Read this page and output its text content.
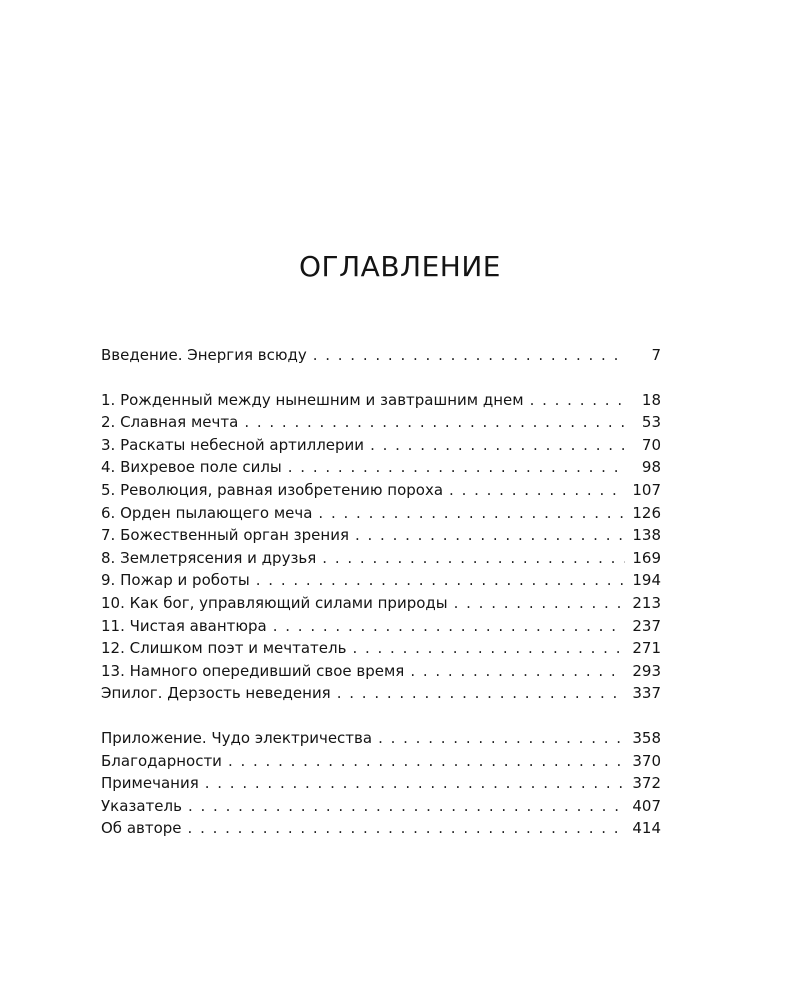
ОГЛАВЛЕНИЕ
Введение. Энергия всюду . . .	7
1. Рожденный между нынешним и завтрашним днем . . .	18
2. Славная мечта . . .	53
3. Раскаты небесной артиллерии . . .	70
4. Вихревое поле силы . . .	98
5. Революция, равная изобретению пороха . . .	107
6. Орден пылающего меча . . .	126
7. Божественный орган зрения . . .	138
8. Землетрясения и друзья . . .	169
9. Пожар и роботы . . .	194
10. Как бог, управляющий силами природы . . .	213
11. Чистая авантюра . . .	237
12. Слишком поэт и мечтатель . . .	271
13. Намного опередивший свое время . . .	293
Эпилог. Дерзость неведения . . .	337
Приложение. Чудо электричества . . .	358
Благодарности . . .	370
Примечания . . .	372
Указатель . . .	407
Об авторе . . .	414
